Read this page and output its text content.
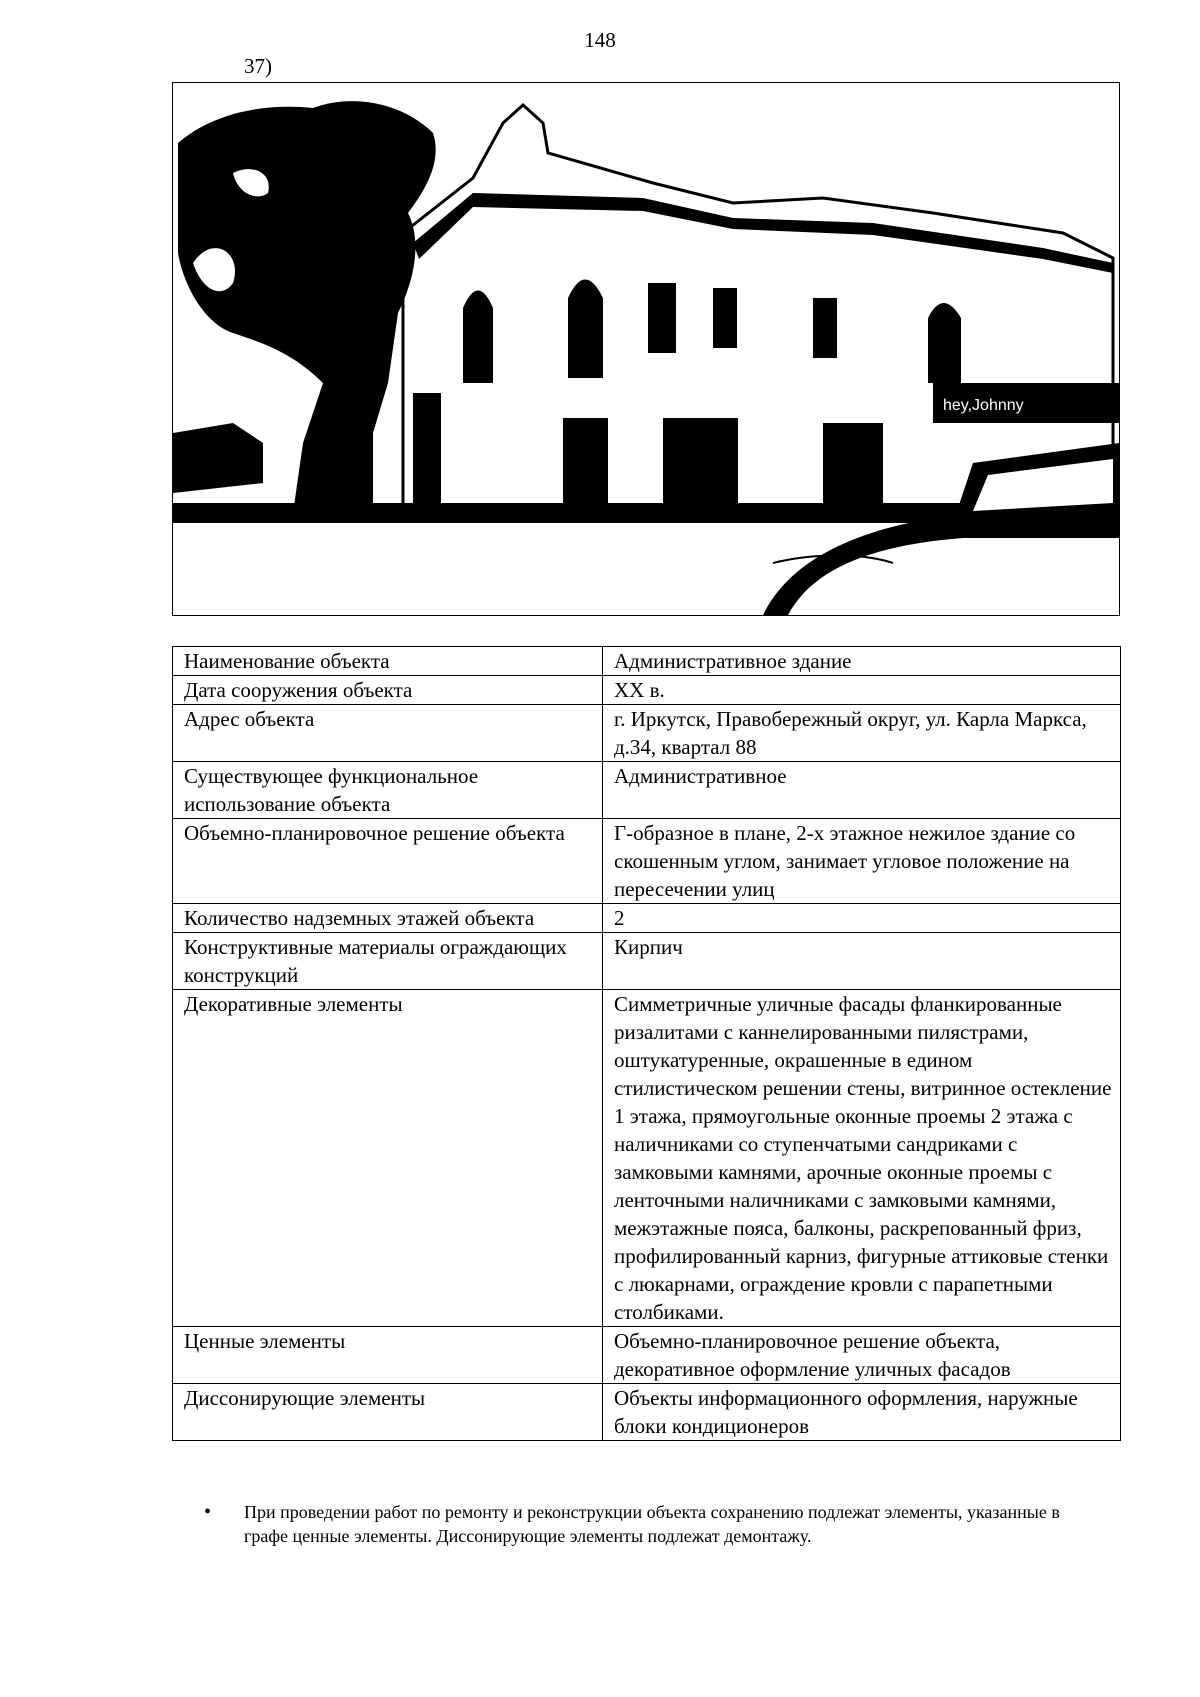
148
37)
hey,Johnny
Наименование объекта	Административное здание
Дата сооружения объекта	XX в.
Адрес объекта	г. Иркутск, Правобережный округ, ул. Карла Маркса, д.34, квартал 88
Существующее функциональное использование объекта	Административное
Объемно-планировочное решение объекта	Г-образное в плане, 2-х этажное нежилое здание со скошенным углом, занимает угловое положение на пересечении улиц
Количество надземных этажей объекта	2
Конструктивные материалы ограждающих конструкций	Кирпич
Декоративные элементы	Симметричные уличные фасады фланкированные ризалитами с каннелированными пилястрами, оштукатуренные, окрашенные в едином стилистическом решении стены, витринное остекление 1 этажа, прямоугольные оконные проемы 2 этажа с наличниками со ступенчатыми сандриками с замковыми камнями, арочные оконные проемы с ленточными наличниками с замковыми камнями, межэтажные пояса, балконы, раскрепованный фриз, профилированный карниз, фигурные аттиковые стенки с люкарнами, ограждение кровли с парапетными столбиками.
Ценные элементы	Объемно-планировочное решение объекта, декоративное оформление уличных фасадов
Диссонирующие элементы	Объекты информационного оформления, наружные блоки кондиционеров
• При проведении работ по ремонту и реконструкции объекта сохранению подлежат элементы, указанные в графе ценные элементы. Диссонирующие элементы подлежат демонтажу.
